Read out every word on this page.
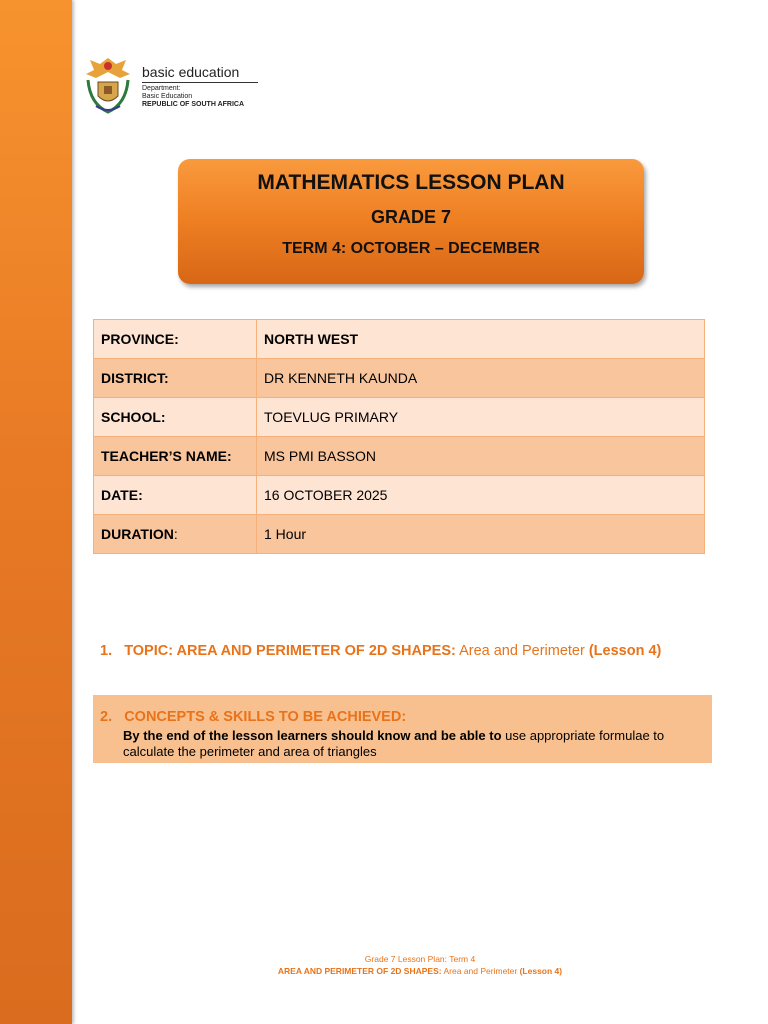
basic education
Department:
Basic Education
REPUBLIC OF SOUTH AFRICA
MATHEMATICS LESSON PLAN
GRADE 7
TERM 4: OCTOBER – DECEMBER
PROVINCE:	NORTH WEST
DISTRICT:	DR KENNETH KAUNDA
SCHOOL:	TOEVLUG PRIMARY
TEACHER’S NAME:	MS PMI BASSON
DATE:	16 OCTOBER 2025
DURATION:	1 Hour
1. TOPIC: AREA AND PERIMETER OF 2D SHAPES: Area and Perimeter (Lesson 4)
2. CONCEPTS & SKILLS TO BE ACHIEVED:
By the end of the lesson learners should know and be able to use appropriate formulae to calculate the perimeter and area of triangles
Grade 7 Lesson Plan: Term 4
AREA AND PERIMETER OF 2D SHAPES: Area and Perimeter (Lesson 4)
